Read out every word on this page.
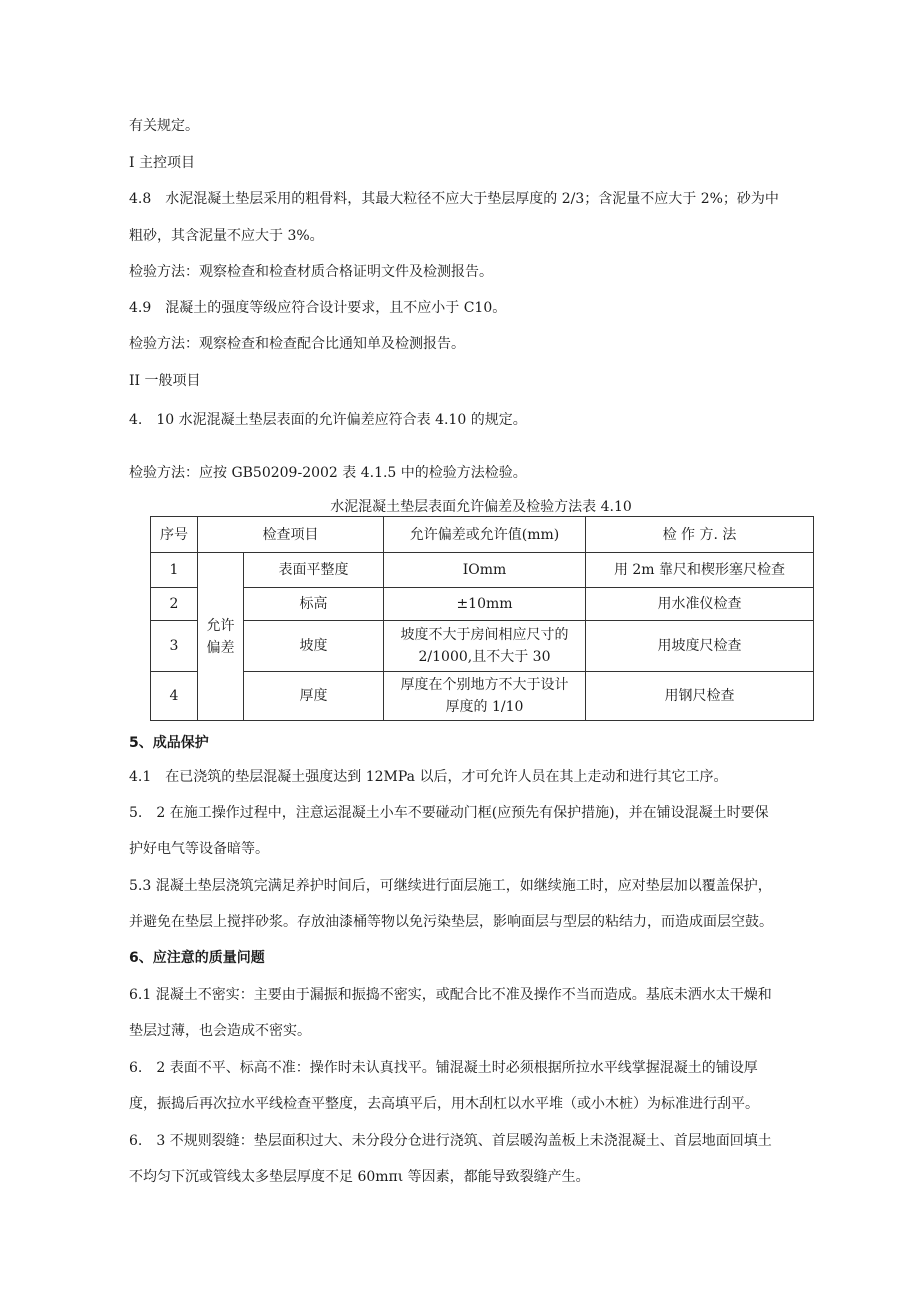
有关规定。
I 主控项目
4.8　水泥混凝土垫层采用的粗骨料，其最大粒径不应大于垫层厚度的 2/3；含泥量不应大于 2%；砂为中
粗砂，其含泥量不应大于 3%。
检验方法：观察检查和检查材质合格证明文件及检测报告。
4.9　混凝土的强度等级应符合设计要求，且不应小于 C10。
检验方法：观察检查和检查配合比通知单及检测报告。
II 一般项目
4.　10 水泥混凝土垫层表面的允许偏差应符合表 4.10 的规定。
检验方法：应按 GB50209-2002 表 4.1.5 中的检验方法检验。
水泥混凝土垫层表面允许偏差及检验方法表 4.10
序号	检查项目		允许偏差或允许值(mm)	检 作 方. 法
1	允许
偏差	表面平整度	IOmm	用 2m 靠尺和楔形塞尺检查
2		标高	±10mm	用水准仪检查
3		坡度	坡度不大于房间相应尺寸的
2/1000,且不大于 30	用坡度尺检查
4		厚度	厚度在个别地方不大于设计
厚度的 1/10	用钢尺检查
5、成品保护
4.1　在已浇筑的垫层混凝土强度达到 12MPa 以后，才可允许人员在其上走动和进行其它工序。
5.　2 在施工操作过程中，注意运混凝土小车不要碰动门框(应预先有保护措施)，并在铺设混凝土时要保
护好电气等设备暗等。
5.3 混凝土垫层浇筑完满足养护时间后，可继续进行面层施工，如继续施工时，应对垫层加以覆盖保护，
并避免在垫层上搅拌砂浆。存放油漆桶等物以免污染垫层，影响面层与型层的粘结力，而造成面层空鼓。
6、应注意的质量问题
6.1 混凝土不密实：主要由于漏振和振捣不密实，或配合比不准及操作不当而造成。基底未洒水太干燥和
垫层过薄，也会造成不密实。
6.　2 表面不平、标高不准：操作时未认真找平。铺混凝土时必须根据所拉水平线掌握混凝土的铺设厚
度，振捣后再次拉水平线检查平整度，去高填平后，用木刮杠以水平堆（或小木桩）为标准进行刮平。
6.　3 不规则裂缝：垫层面积过大、未分段分仓进行浇筑、首层暖沟盖板上未浇混凝土、首层地面回填土
不均匀下沉或管线太多垫层厚度不足 60mπι 等因素，都能导致裂缝产生。
